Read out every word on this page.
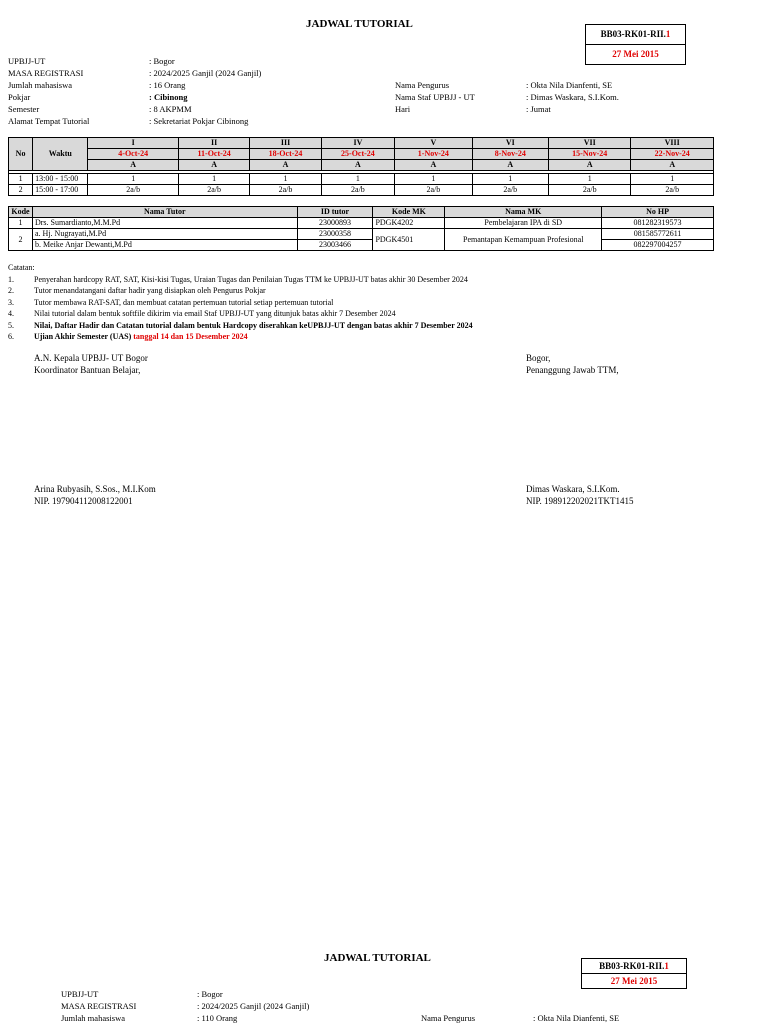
JADWAL TUTORIAL
BB03-RK01-RII.1
27 Mei 2015
UPBJJ-UT	: Bogor
MASA REGISTRASI	: 2024/2025 Ganjil (2024 Ganjil)
Jumlah mahasiswa	: 16 Orang
Pokjar	: Cibinong
Semester	: 8 AKPMM
Alamat Tempat Tutorial	: Sekretariat Pokjar Cibinong
Nama Pengurus	: Okta Nila Dianfenti, SE
Nama Staf UPBJJ - UT	: Dimas Waskara, S.I.Kom.
Hari	: Jumat
No	Waktu	I	II	III	IV	V	VI	VII	VIII
		4-Oct-24	11-Oct-24	18-Oct-24	25-Oct-24	1-Nov-24	8-Nov-24	15-Nov-24	22-Nov-24
		A	A	A	A	A	A	A	A

1	13:00 - 15:00	1	1	1	1	1	1	1	1
2	15:00 - 17:00	2a/b	2a/b	2a/b	2a/b	2a/b	2a/b	2a/b	2a/b
Kode	Nama Tutor	ID tutor	Kode MK	Nama MK	No HP
1	Drs. Sumardianto,M.M.Pd	23000893	PDGK4202	Pembelajaran IPA di SD	0812823195​73
2	a. Hj. Nugrayati,M.Pd	23000358	PDGK4501	Pemantapan Kemampuan Profesional	081585772611
	b. Meike Anjar Dewanti,M.Pd	23003466			082297004257
Catatan:
1.	Penyerahan hardcopy RAT, SAT, Kisi-kisi Tugas, Uraian Tugas dan Penilaian Tugas TTM ke UPBJJ-UT batas akhir 30 Desember 2024
2.	Tutor menandatangani daftar hadir yang disiapkan oleh Pengurus Pokjar
3.	Tutor membawa RAT-SAT, dan membuat catatan pertemuan tutorial setiap pertemuan tutorial
4.	Nilai tutorial dalam bentuk softfile dikirim via email Staf UPBJJ-UT yang ditunjuk batas akhir 7 Desember 2024
5.	Nilai, Daftar Hadir dan Catatan tutorial dalam bentuk Hardcopy diserahkan keUPBJJ-UT dengan batas akhir 7 Desember 2024
6.	Ujian Akhir Semester (UAS) tanggal 14 dan 15 Desember 2024
A.N. Kepala UPBJJ- UT Bogor
Koordinator Bantuan Belajar,
Bogor,
Penanggung Jawab TTM,
Arina Rubyasih, S.Sos., M.I.Kom
NIP. 197904112008122001
Dimas Waskara, S.I.Kom.
NIP. 198912202021TKT1415
JADWAL TUTORIAL
BB03-RK01-RII.1
27 Mei 2015
UPBJJ-UT	: Bogor
MASA REGISTRASI	: 2024/2025 Ganjil (2024 Ganjil)
Jumlah mahasiswa	: 110 Orang	Nama Pengurus	: Okta Nila Dianfenti, SE
